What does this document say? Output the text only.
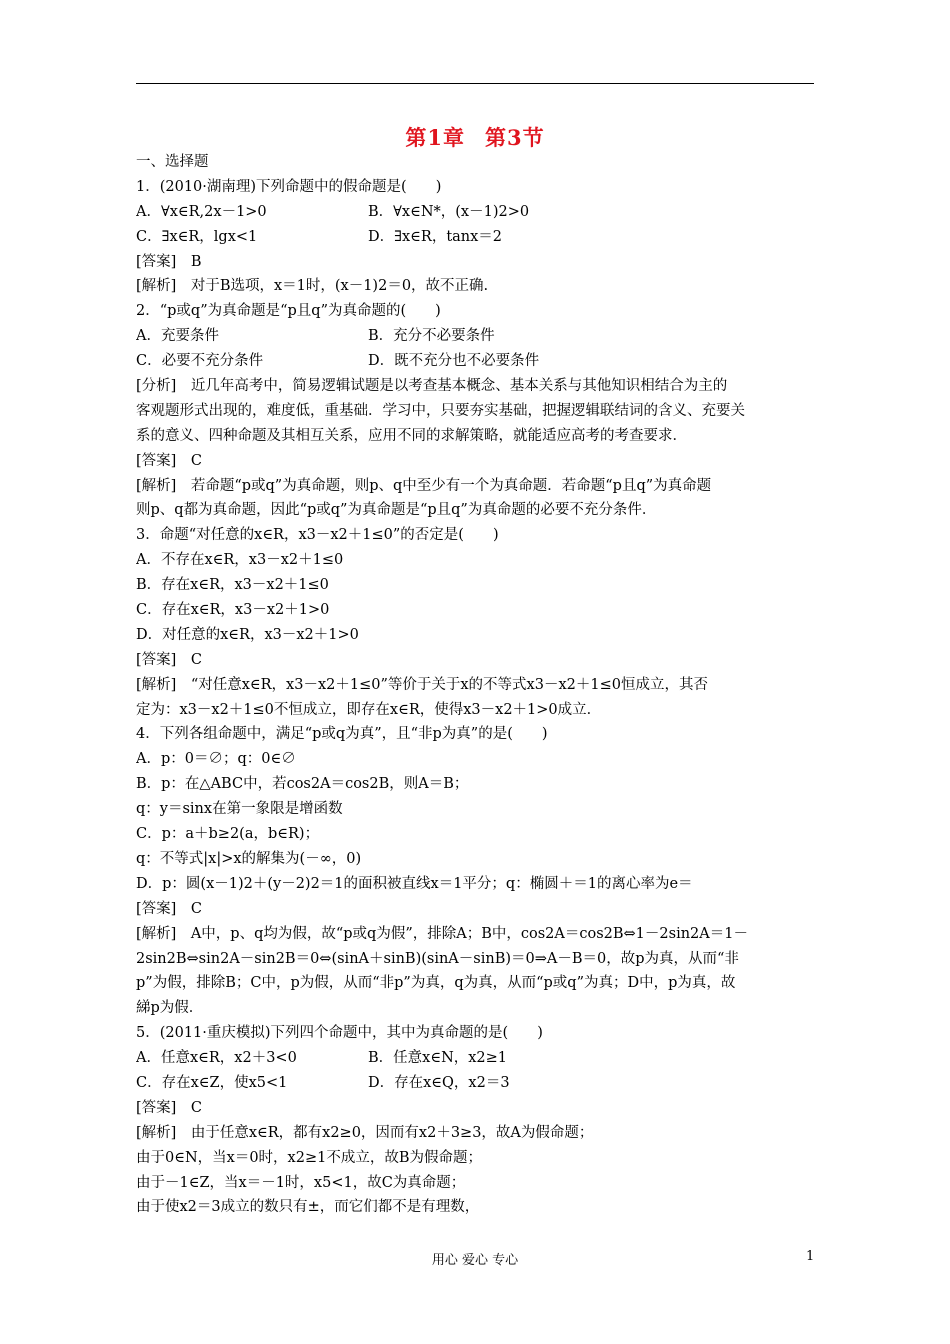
第1章 第3节
一、选择题
1．(2010·湖南理)下列命题中的假命题是(　　)
A．∀x∈R,2x－1>0	B．∀x∈N*，(x－1)2>0
C．∃x∈R，lgx<1	D．∃x∈R，tanx＝2
[答案]　B
[解析]　对于B选项，x＝1时，(x－1)2＝0，故不正确.
2．“p或q”为真命题是“p且q”为真命题的(　　)
A．充要条件	B．充分不必要条件
C．必要不充分条件	D．既不充分也不必要条件
[分析]　近几年高考中，简易逻辑试题是以考查基本概念、基本关系与其他知识相结合为主的
客观题形式出现的，难度低，重基础．学习中，只要夯实基础，把握逻辑联结词的含义、充要关
系的意义、四种命题及其相互关系，应用不同的求解策略，就能适应高考的考查要求．
[答案]　C
[解析]　若命题“p或q”为真命题，则p、q中至少有一个为真命题．若命题“p且q”为真命题
则p、q都为真命题，因此“p或q”为真命题是“p且q”为真命题的必要不充分条件．
3．命题“对任意的x∈R，x3－x2＋1≤0”的否定是(　　)
A．不存在x∈R，x3－x2＋1≤0
B．存在x∈R，x3－x2＋1≤0
C．存在x∈R，x3－x2＋1>0
D．对任意的x∈R，x3－x2＋1>0
[答案]　C
[解析]　“对任意x∈R，x3－x2＋1≤0”等价于关于x的不等式x3－x2＋1≤0恒成立，其否
定为：x3－x2＋1≤0不恒成立，即存在x∈R，使得x3－x2＋1>0成立．
4．下列各组命题中，满足“p或q为真”，且“非p为真”的是(　　)
A．p：0＝∅；q：0∈∅
B．p：在△ABC中，若cos2A＝cos2B，则A＝B；
q：y＝sinx在第一象限是增函数
C．p：a＋b≥2(a，b∈R)；
q：不等式|x|>x的解集为(－∞，0)
D．p：圆(x－1)2＋(y－2)2＝1的面积被直线x＝1平分；q：椭圆＋＝1的离心率为e＝
[答案]　C
[解析]　A中，p、q均为假，故“p或q为假”，排除A；B中，cos2A＝cos2B⇔1－2sin2A＝1－
2sin2B⇔sin2A－sin2B＝0⇔(sinA＋sinB)(sinA－sinB)＝0⇒A－B＝0，故p为真，从而“非
p”为假，排除B；C中，p为假，从而“非p”为真，q为真，从而“p或q”为真；D中，p为真，故
綈p为假．
5．(2011·重庆模拟)下列四个命题中，其中为真命题的是(　　)
A．任意x∈R，x2＋3<0	B．任意x∈N，x2≥1
C．存在x∈Z，使x5<1	D．存在x∈Q，x2＝3
[答案]　C
[解析]　由于任意x∈R，都有x2≥0，因而有x2＋3≥3，故A为假命题；
由于0∈N，当x＝0时，x2≥1不成立，故B为假命题；
由于－1∈Z，当x＝－1时，x5<1，故C为真命题；
由于使x2＝3成立的数只有±，而它们都不是有理数，
用心 爱心 专心	1
